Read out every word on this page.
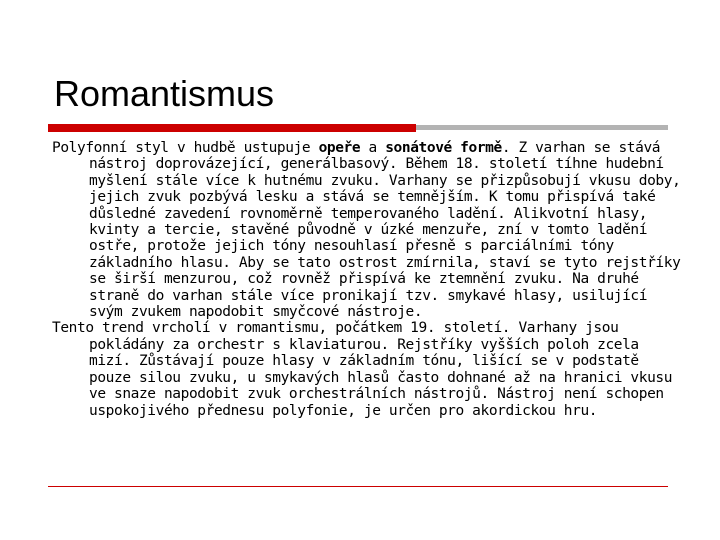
Romantismus

Polyfonní styl v hudbě ustupuje opeře a sonátové formě. Z varhan se stává nástroj doprovázející, generálbasový. Během 18. století tíhne hudební myšlení stále více k hutnému zvuku. Varhany se přizpůsobují vkusu doby, jejich zvuk pozbývá lesku a stává se temnějším. K tomu přispívá také důsledné zavedení rovnoměrně temperovaného ladění. Alikvotní hlasy, kvinty a tercie, stavěné původně v úzké menzuře, zní v tomto ladění ostře, protože jejich tóny nesouhlasí přesně s parciálními tóny základního hlasu. Aby se tato ostrost zmírnila, staví se tyto rejstříky se širší menzurou, což rovněž přispívá ke ztemnění zvuku. Na druhé straně do varhan stále více pronikají tzv. smykavé hlasy, usilující svým zvukem napodobit smyčcové nástroje.

Tento trend vrcholí v romantismu, počátkem 19. století. Varhany jsou pokládány za orchestr s klaviaturou. Rejstříky vyšších poloh zcela mizí. Zůstávají pouze hlasy v základním tónu, lišící se v podstatě pouze silou zvuku, u smykavých hlasů často dohnané až na hranici vkusu ve snaze napodobit zvuk orchestrálních nástrojů. Nástroj není schopen uspokojivého přednesu polyfonie, je určen pro akordickou hru.
